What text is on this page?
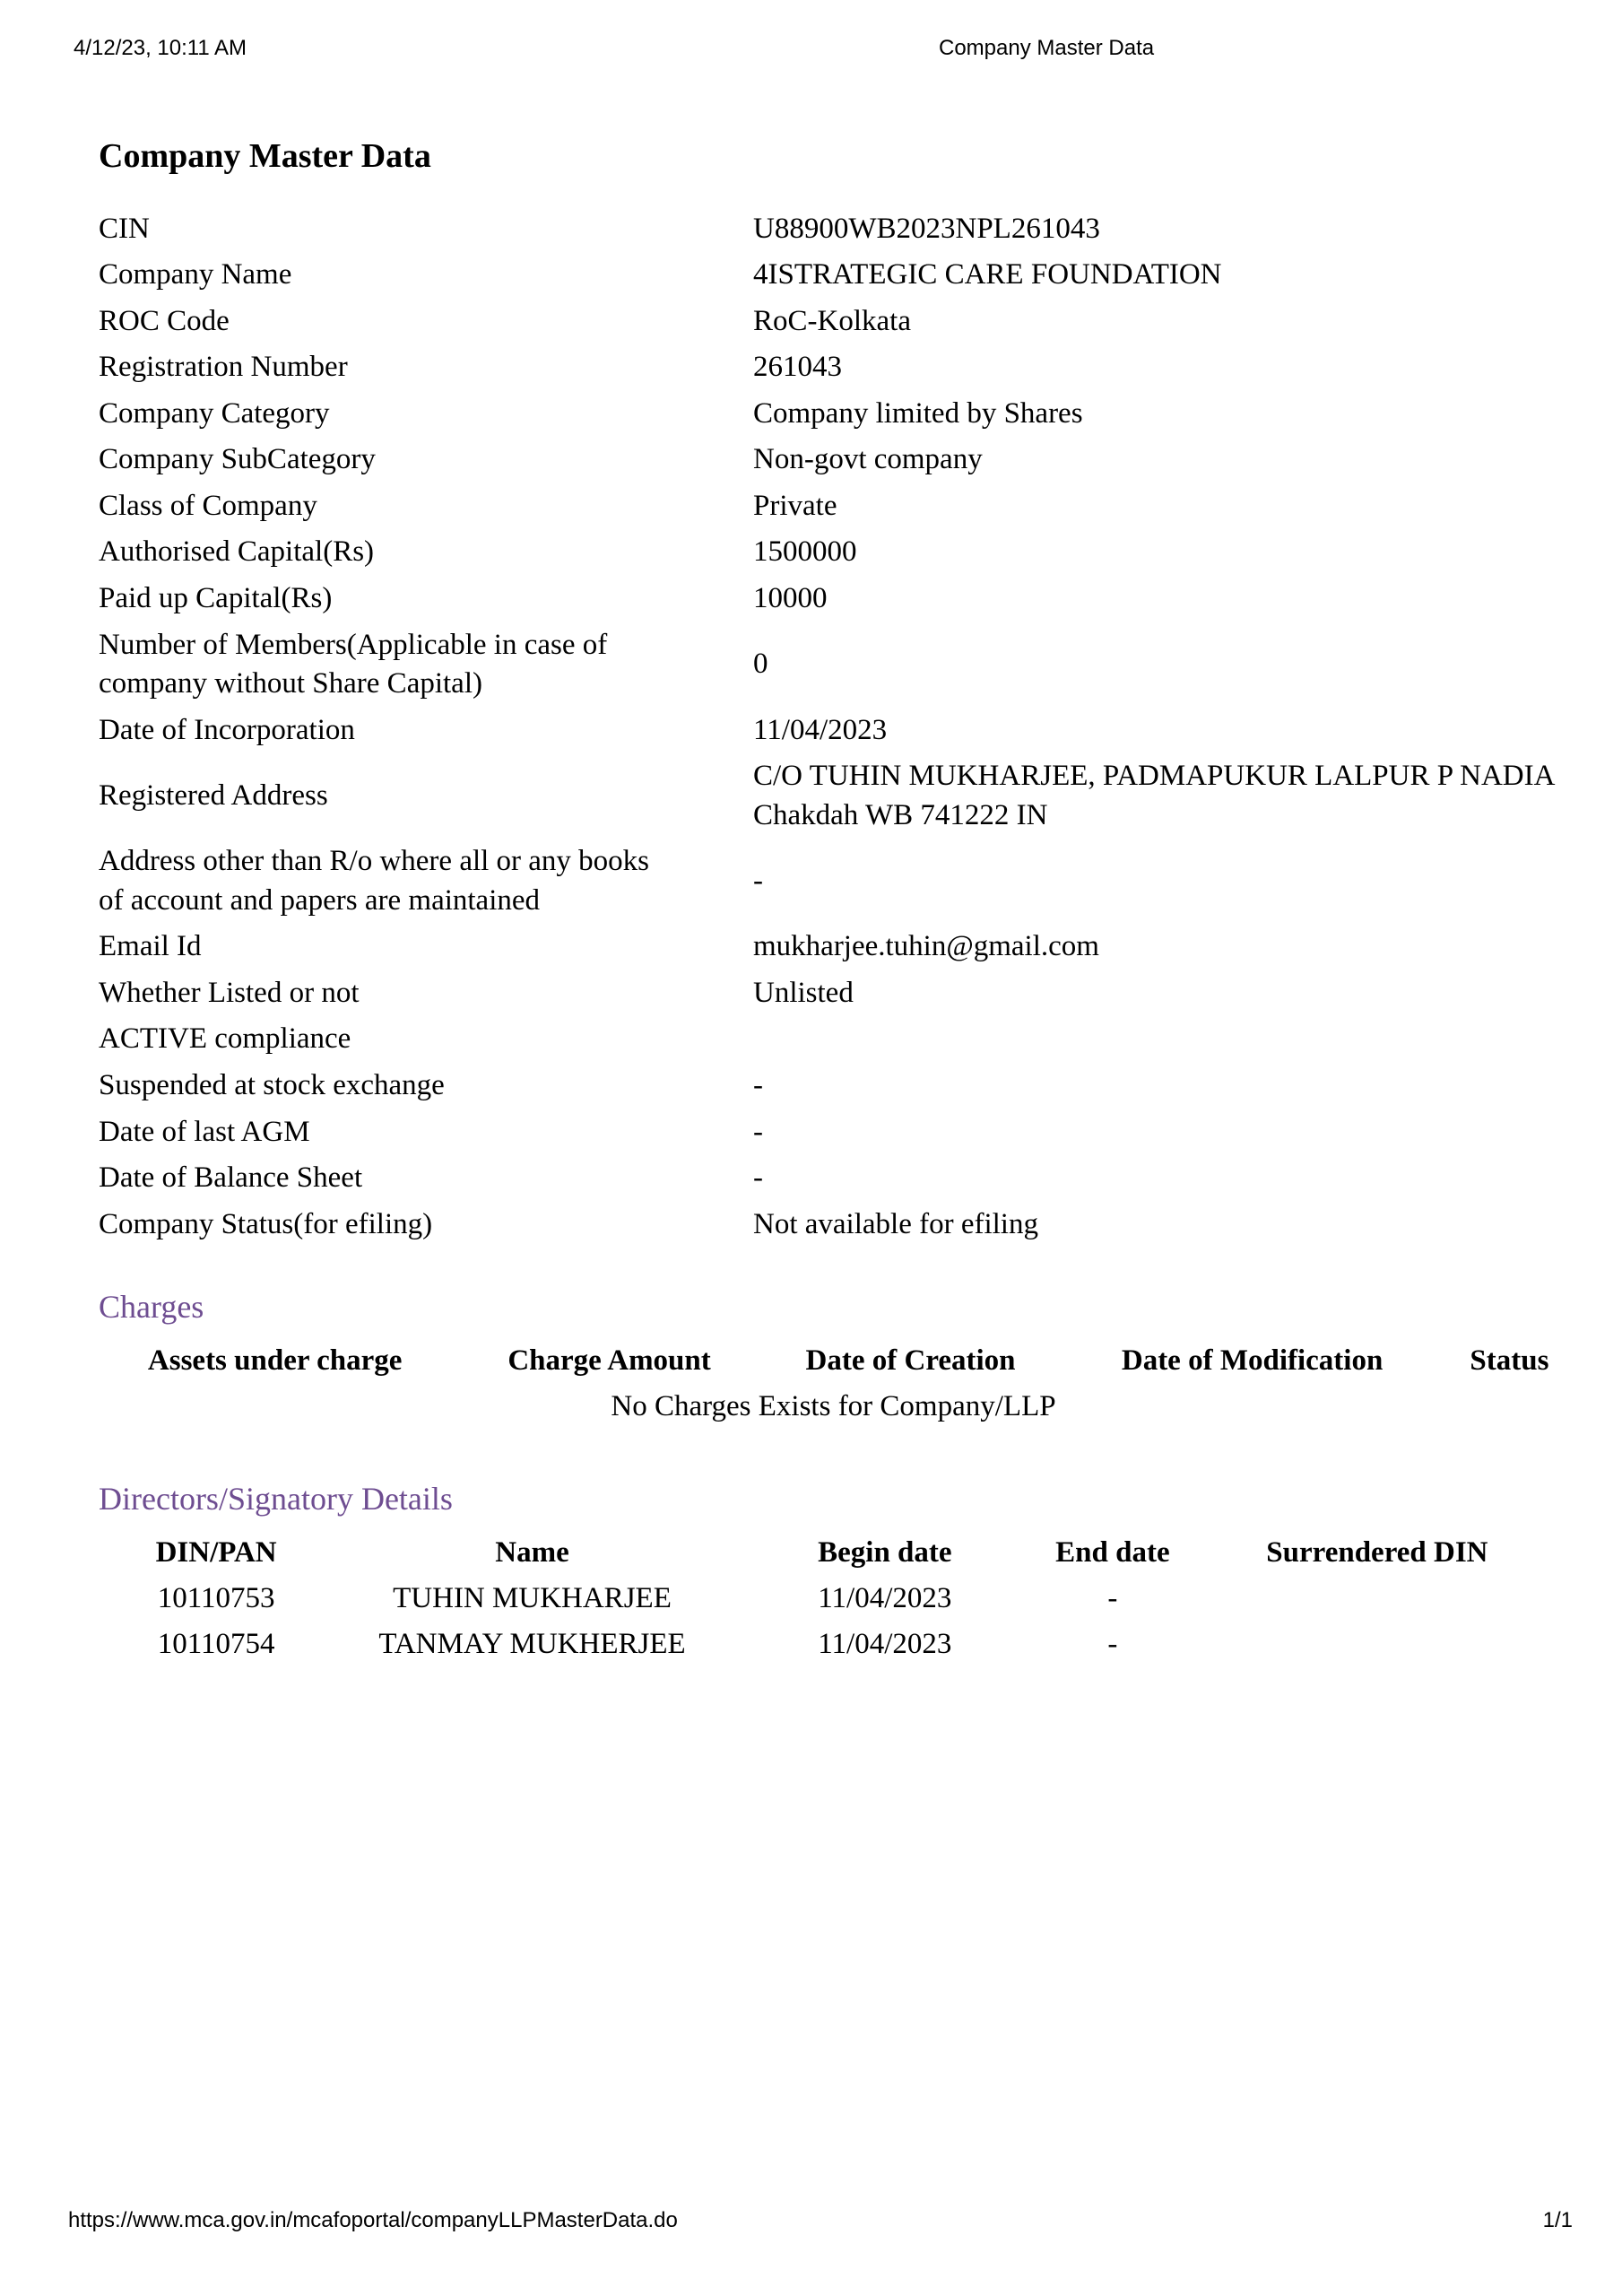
4/12/23, 10:11 AM	Company Master Data
Company Master Data
CIN	U88900WB2023NPL261043
Company Name	4ISTRATEGIC CARE FOUNDATION
ROC Code	RoC-Kolkata
Registration Number	261043
Company Category	Company limited by Shares
Company SubCategory	Non-govt company
Class of Company	Private
Authorised Capital(Rs)	1500000
Paid up Capital(Rs)	10000
Number of Members(Applicable in case of company without Share Capital)	0
Date of Incorporation	11/04/2023
Registered Address	C/O TUHIN MUKHARJEE, PADMAPUKUR LALPUR P NADIA Chakdah WB 741222 IN
Address other than R/o where all or any books of account and papers are maintained	-
Email Id	mukharjee.tuhin@gmail.com
Whether Listed or not	Unlisted
ACTIVE compliance	
Suspended at stock exchange	-
Date of last AGM	-
Date of Balance Sheet	-
Company Status(for efiling)	Not available for efiling
Charges
Assets under charge	Charge Amount	Date of Creation	Date of Modification	Status
No Charges Exists for Company/LLP
Directors/Signatory Details
DIN/PAN	Name	Begin date	End date	Surrendered DIN
10110753	TUHIN MUKHARJEE	11/04/2023	-	
10110754	TANMAY MUKHERJEE	11/04/2023	-	
https://www.mca.gov.in/mcafoportal/companyLLPMasterData.do	1/1
